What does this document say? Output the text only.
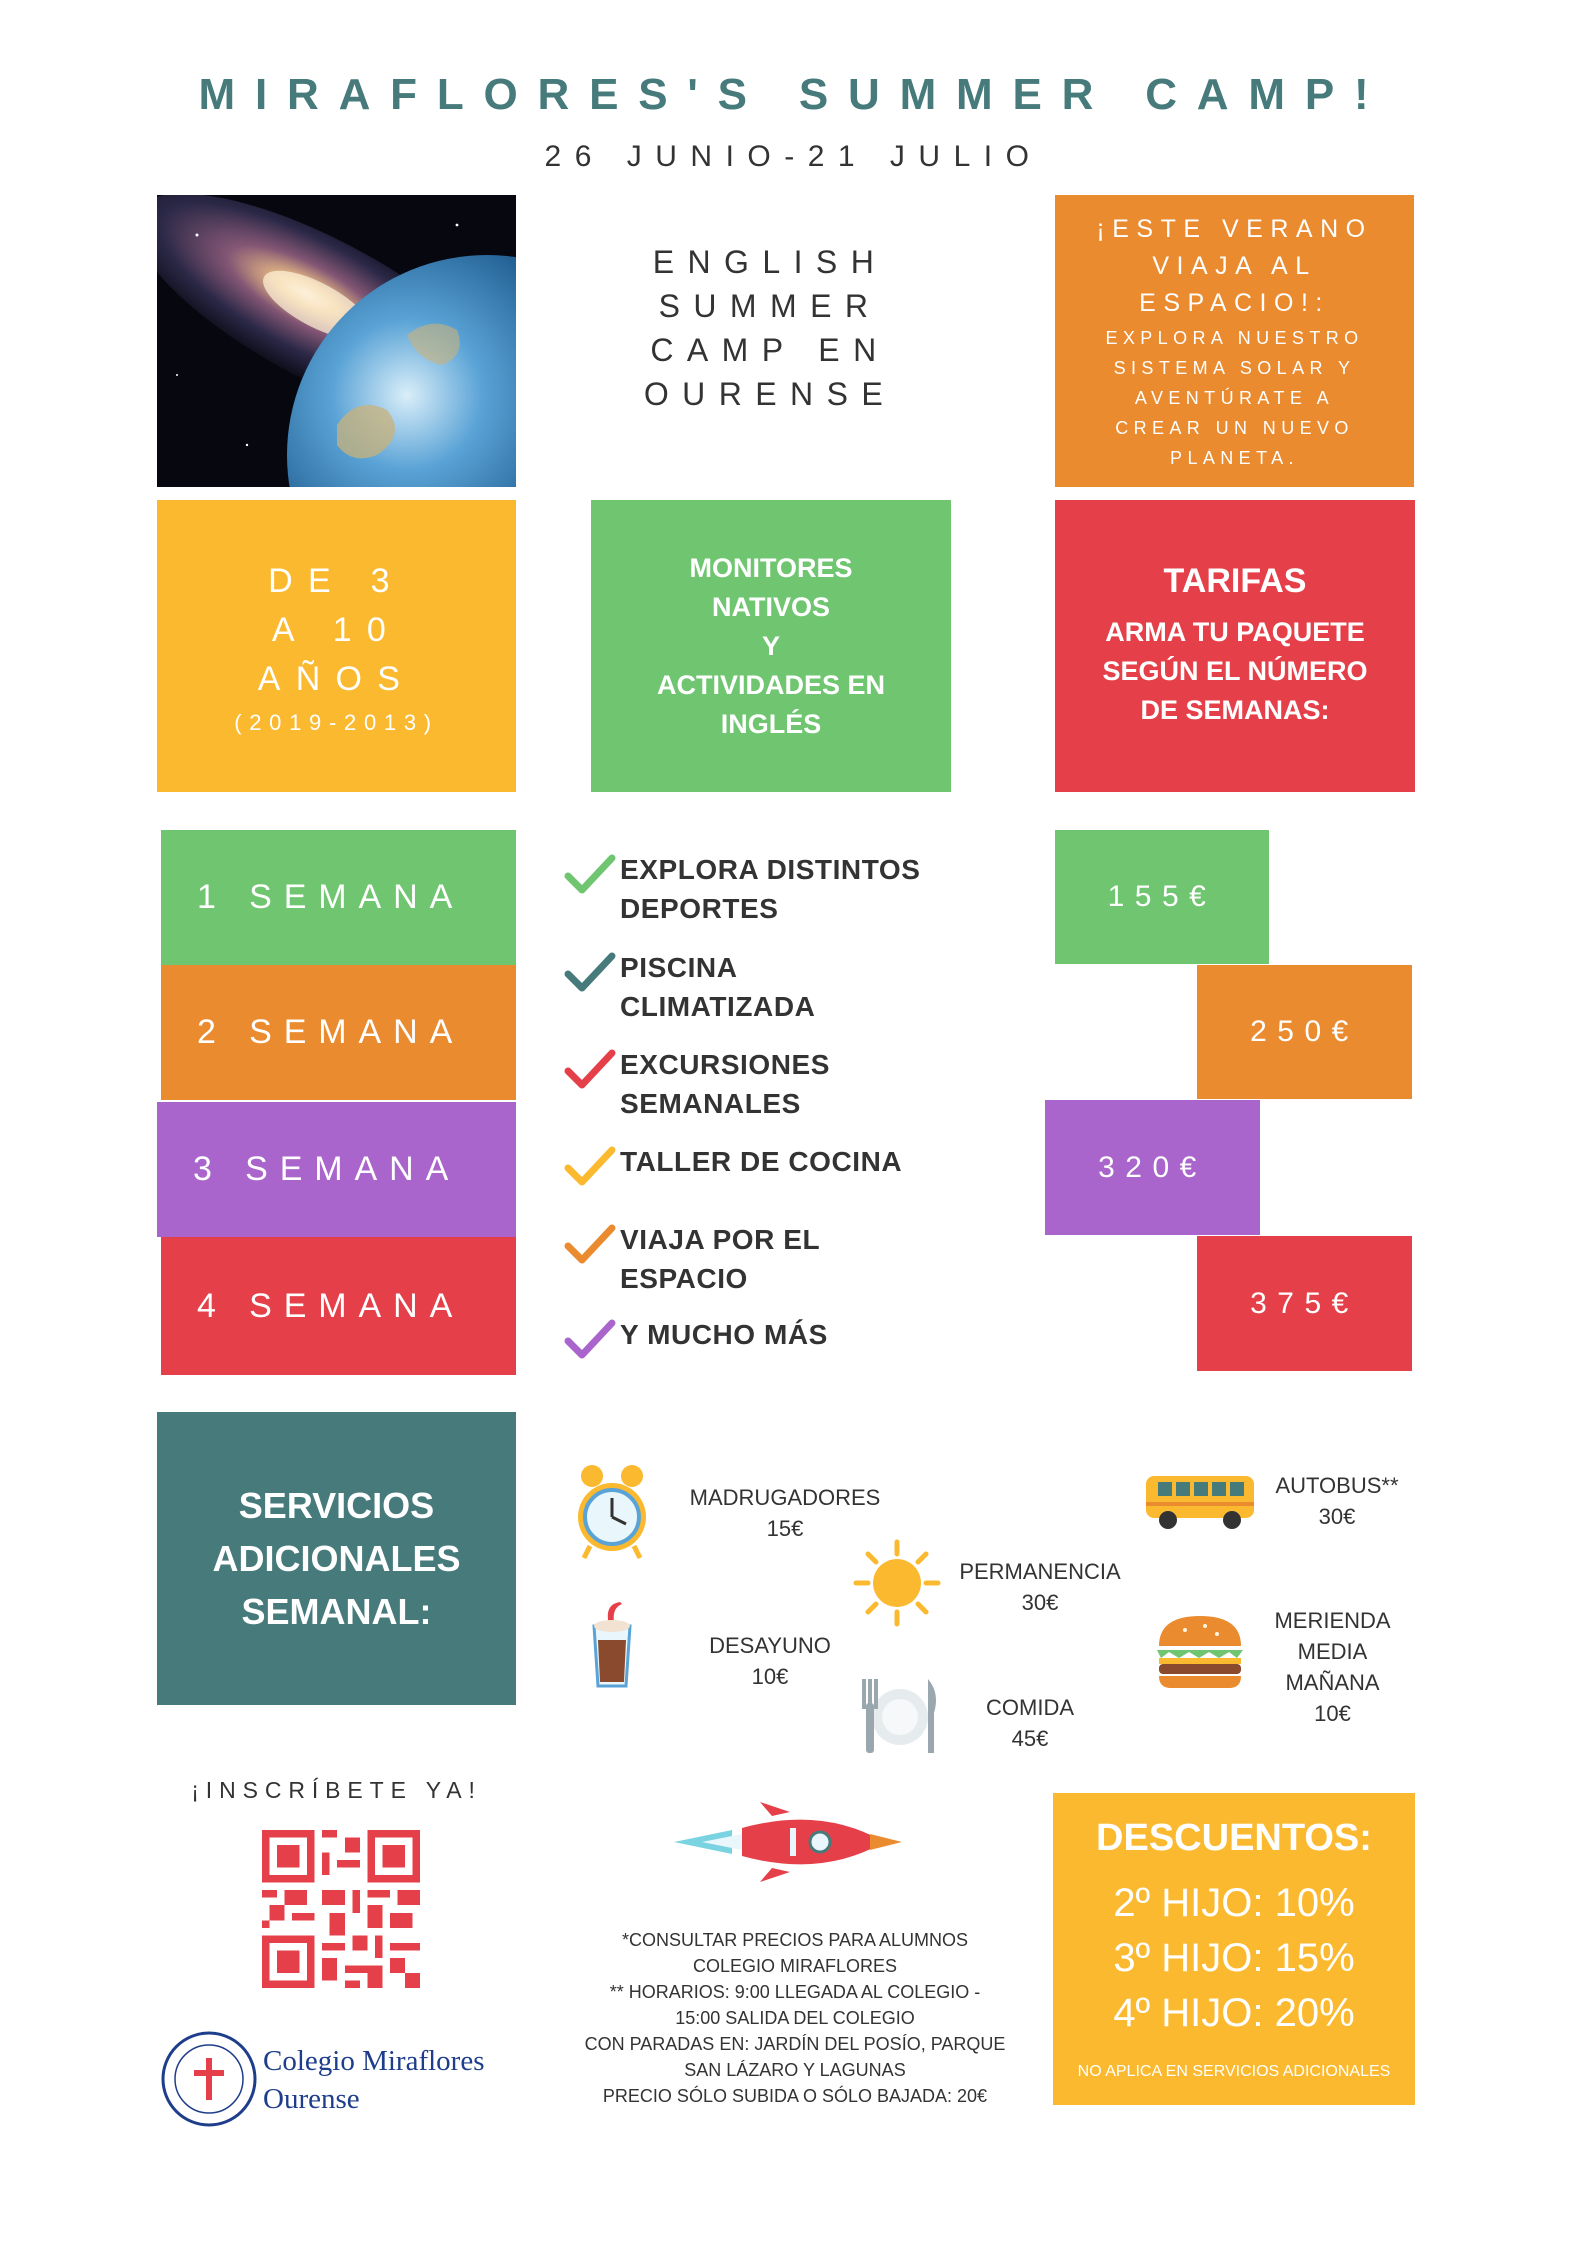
MIRAFLORES'S SUMMER CAMP!
26 JUNIO-21 JULIO
ENGLISH
SUMMER
CAMP EN
OURENSE
¡ESTE VERANO
VIAJA AL
ESPACIO!:
EXPLORA NUESTRO
SISTEMA SOLAR Y
AVENTÚRATE A
CREAR UN NUEVO
PLANETA.
DE 3
A 10
AÑOS
(2019-2013)
MONITORES
NATIVOS
Y
ACTIVIDADES EN
INGLÉS
TARIFAS
ARMA TU PAQUETE
SEGÚN EL NÚMERO
DE SEMANAS:
1 SEMANA
2 SEMANA
3 SEMANA
4 SEMANA
155€
250€
320€
375€
EXPLORA DISTINTOS
DEPORTES
PISCINA
CLIMATIZADA
EXCURSIONES
SEMANALES
TALLER DE COCINA
VIAJA POR EL
ESPACIO
Y MUCHO MÁS
SERVICIOS
ADICIONALES
SEMANAL:
MADRUGADORES
15€
AUTOBUS**
30€
PERMANENCIA
30€
DESAYUNO
10€
MERIENDA
MEDIA
MAÑANA
10€
COMIDA
45€
¡INSCRÍBETE YA!
Colegio Miraflores
Ourense
*CONSULTAR PRECIOS PARA ALUMNOS
COLEGIO MIRAFLORES
** HORARIOS: 9:00 LLEGADA AL COLEGIO -
15:00 SALIDA DEL COLEGIO
CON PARADAS EN: JARDÍN DEL POSÍO, PARQUE
SAN LÁZARO Y LAGUNAS
PRECIO SÓLO SUBIDA O SÓLO BAJADA: 20€
DESCUENTOS:
2º HIJO: 10%
3º HIJO: 15%
4º HIJO: 20%
NO APLICA EN SERVICIOS ADICIONALES
